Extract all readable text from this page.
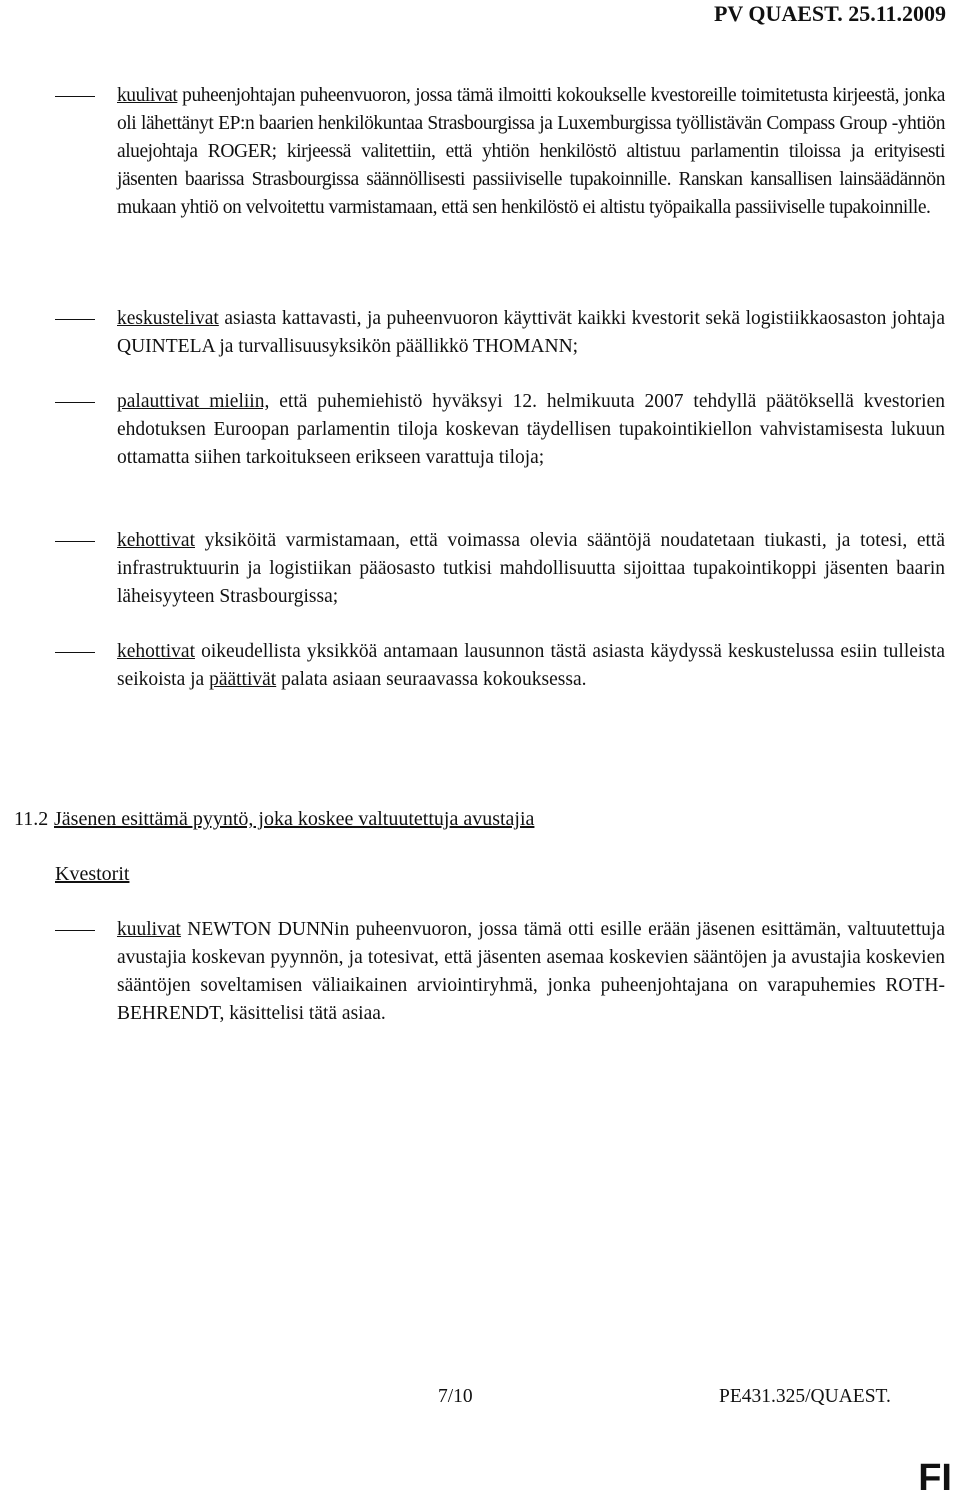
PV QUAEST. 25.11.2009

kuulivat puheenjohtajan puheenvuoron, jossa tämä ilmoitti kokoukselle kvestoreille toimitetusta kirjeestä, jonka oli lähettänyt EP:n baarien henkilökuntaa Strasbourgissa ja Luxemburgissa työllistävän Compass Group -yhtiön aluejohtaja ROGER; kirjeessä valitettiin, että yhtiön henkilöstö altistuu parlamentin tiloissa ja erityisesti jäsenten baarissa Strasbourgissa säännöllisesti passiiviselle tupakoinnille. Ranskan kansallisen lainsäädännön mukaan yhtiö on velvoitettu varmistamaan, että sen henkilöstö ei altistu työpaikalla passiiviselle tupakoinnille.

keskustelivat asiasta kattavasti, ja puheenvuoron käyttivät kaikki kvestorit sekä logistiikkaosaston johtaja QUINTELA ja turvallisuusyksikön päällikkö THOMANN;

palauttivat mieliin, että puhemiehistö hyväksyi 12. helmikuuta 2007 tehdyllä päätöksellä kvestorien ehdotuksen Euroopan parlamentin tiloja koskevan täydellisen tupakointikiellon vahvistamisesta lukuun ottamatta siihen tarkoitukseen erikseen varattuja tiloja;

kehottivat yksiköitä varmistamaan, että voimassa olevia sääntöjä noudatetaan tiukasti, ja totesi, että infrastruktuurin ja logistiikan pääosasto tutkisi mahdollisuutta sijoittaa tupakointikoppi jäsenten baarin läheisyyteen Strasbourgissa;

kehottivat oikeudellista yksikköä antamaan lausunnon tästä asiasta käydyssä keskustelussa esiin tulleista seikoista ja päättivät palata asiaan seuraavassa kokouksessa.

11.2 Jäsenen esittämä pyyntö, joka koskee valtuutettuja avustajia
Kvestorit

kuulivat NEWTON DUNNin puheenvuoron, jossa tämä otti esille erään jäsenen esittämän, valtuutettuja avustajia koskevan pyynnön, ja totesivat, että jäsenten asemaa koskevien sääntöjen ja avustajia koskevien sääntöjen soveltamisen väliaikainen arviointiryhmä, jonka puheenjohtajana on varapuhemies ROTH-BEHRENDT, käsittelisi tätä asiaa.

7/10	PE431.325/QUAEST.
FI
